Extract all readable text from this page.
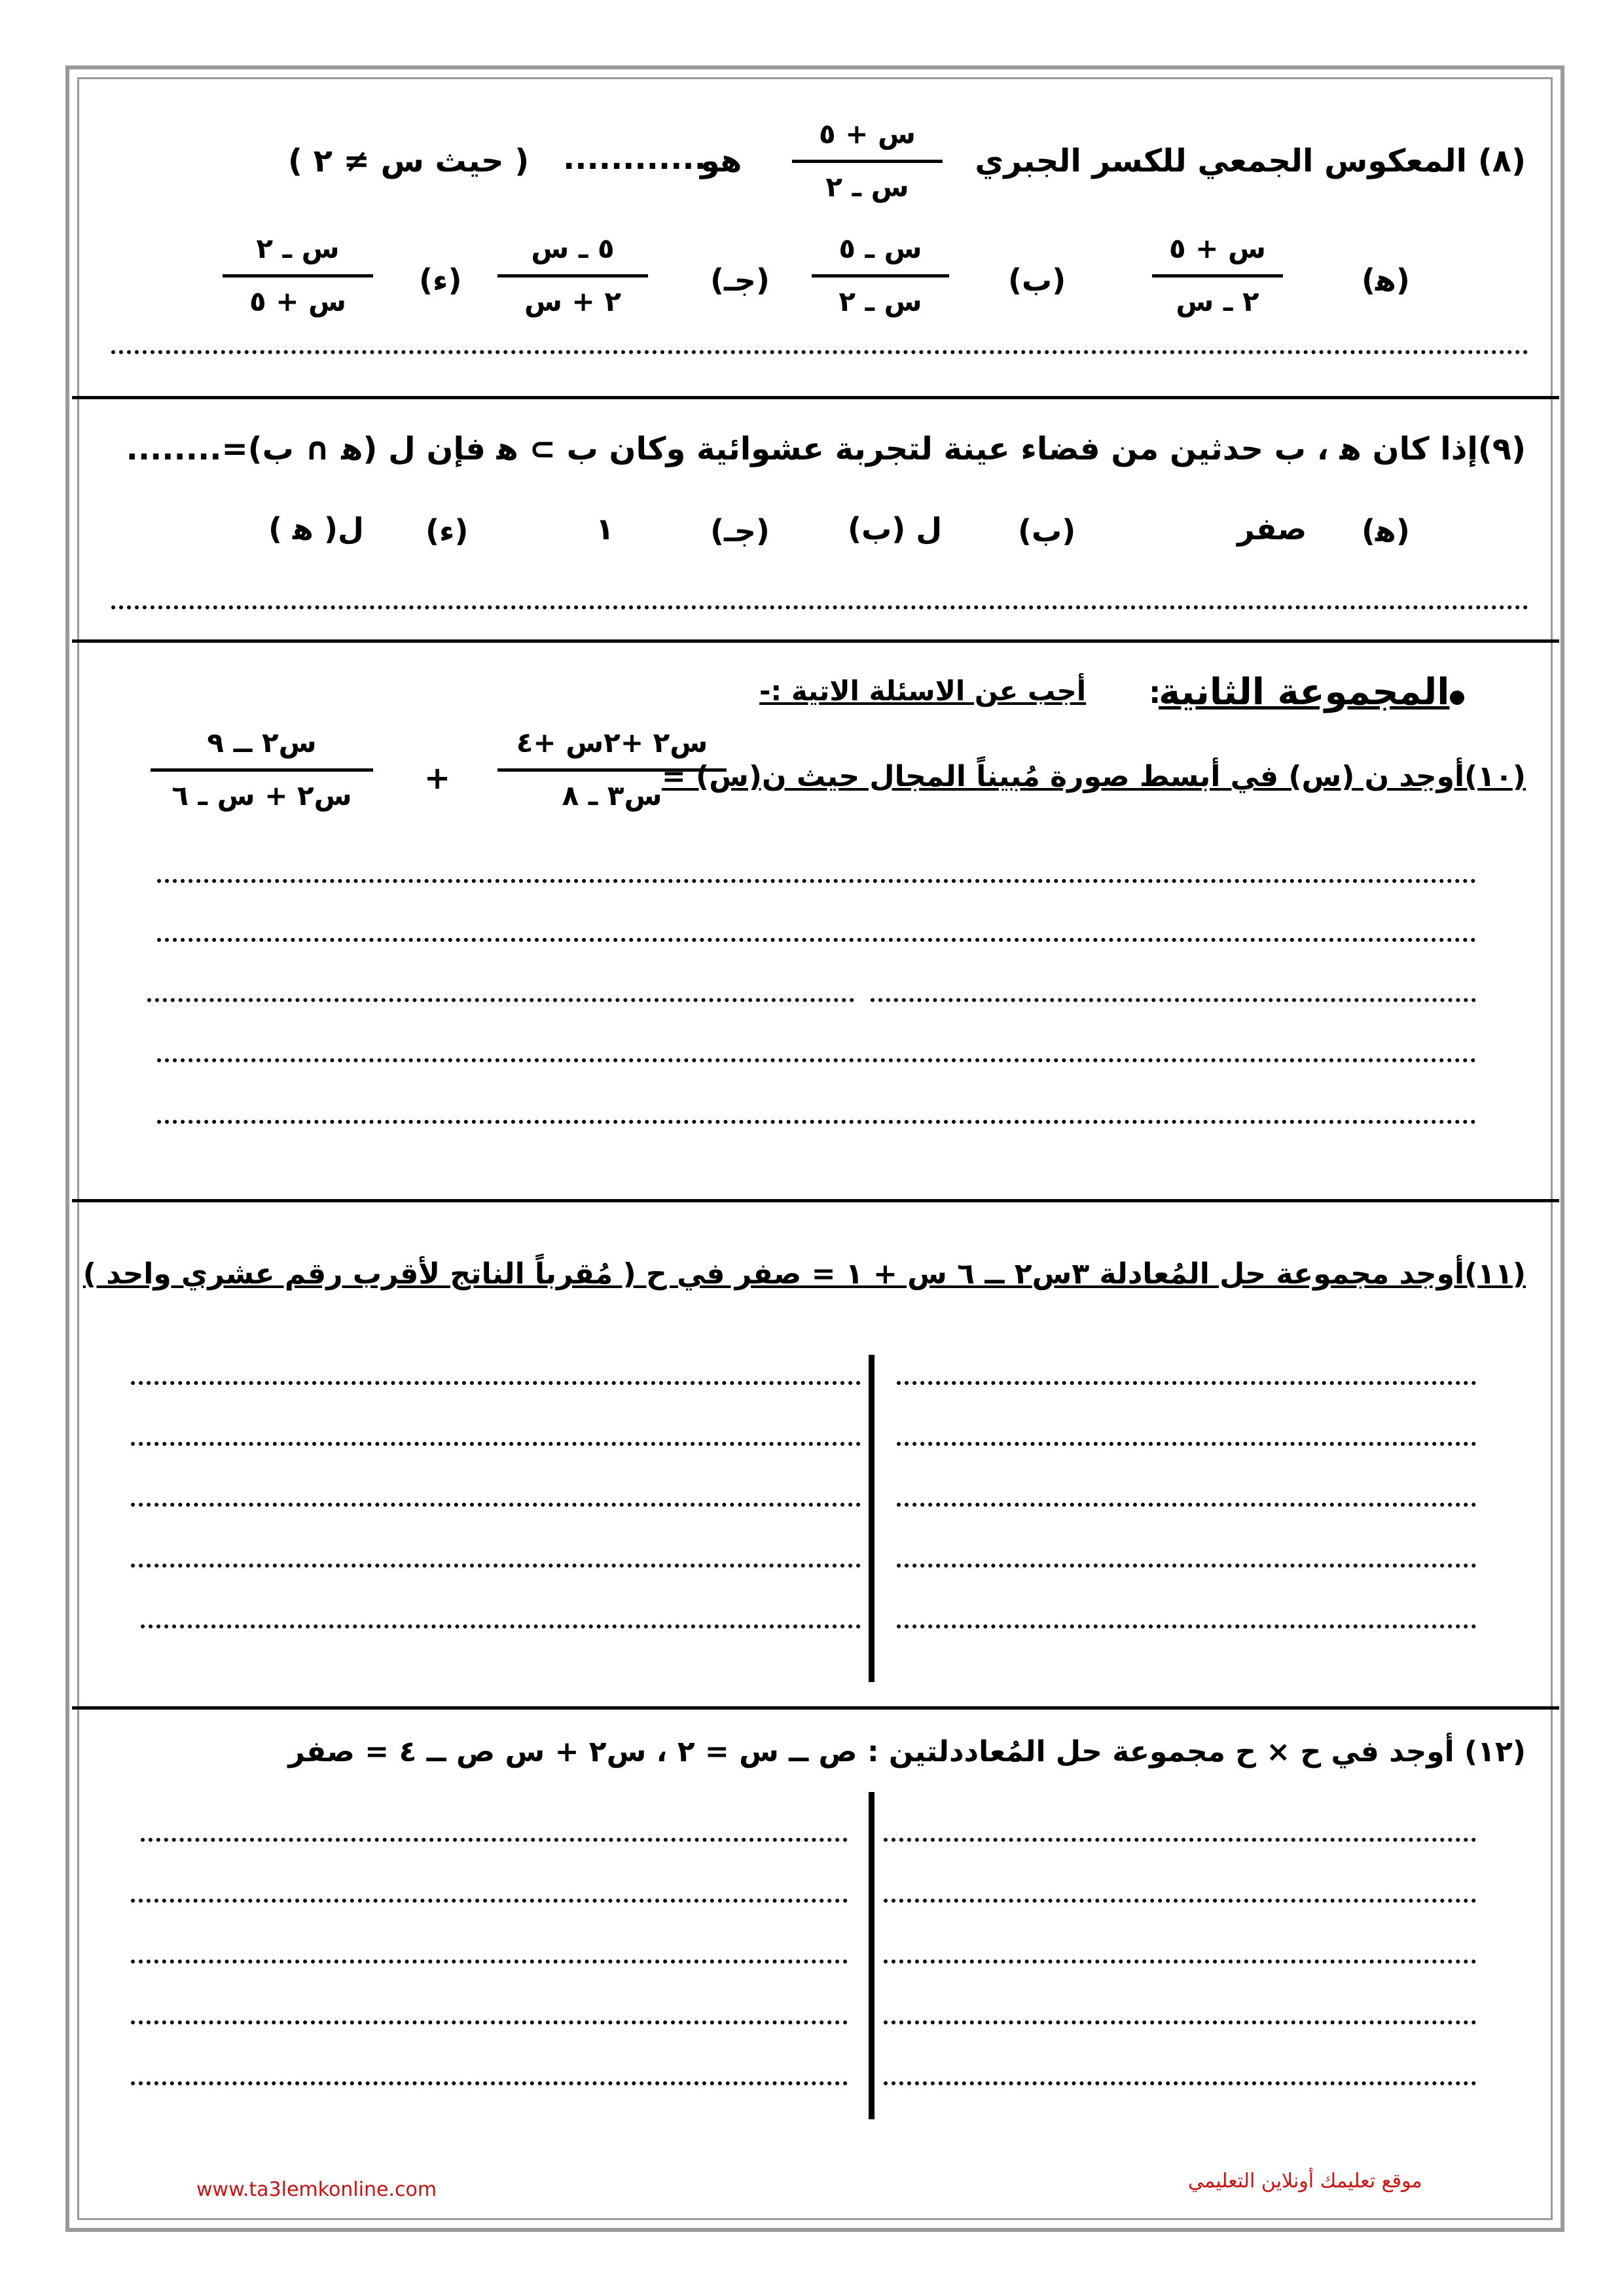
(٨) المعكوس الجمعي للكسر الجبري
هو
............
( حيث س ≠ ٢ )
س + ٥
س ـ ٢
(ﻫ)
س + ٥
٢ ـ س
(ب)
س ـ ٥
س ـ ٢
(جـ)
٥ ـ س
٢ + س
(ء)
س ـ ٢
س + ٥
(٩)إذا كان ﻫ ، ب حدثين من فضاء عينة لتجربة عشوائية وكان ب ⊃ ﻫ فإن ل (ﻫ ∩ ب)=........
(ﻫ)
صفر
(ب)
ل (ب)
(جـ)
١
(ء)
ل( ﻫ )
المجموعة الثانية
:
أجب عن الاسئلة الاتية :-
(١٠)أوجد ن (س) في أبسط صورة مُبيناً المجال حيث ن(س) =
س٢ +٢س +٤
س٣ ـ ٨
+
س٢ ــ ٩
س٢ + س ـ ٦
(١١)أوجد مجموعة حل المُعادلة ٣س٢ ــ ٦ س + ١ = صفر في ح ( مُقرباً الناتج لأقرب رقم عشري واحد )
(١٢) أوجد في ح × ح مجموعة حل المُعاددلتين : ص ــ س = ٢ ، س٢ + س ص ــ ٤ = صفر
www.ta3lemkonline.com	موقع تعليمك أونلاين التعليمي
